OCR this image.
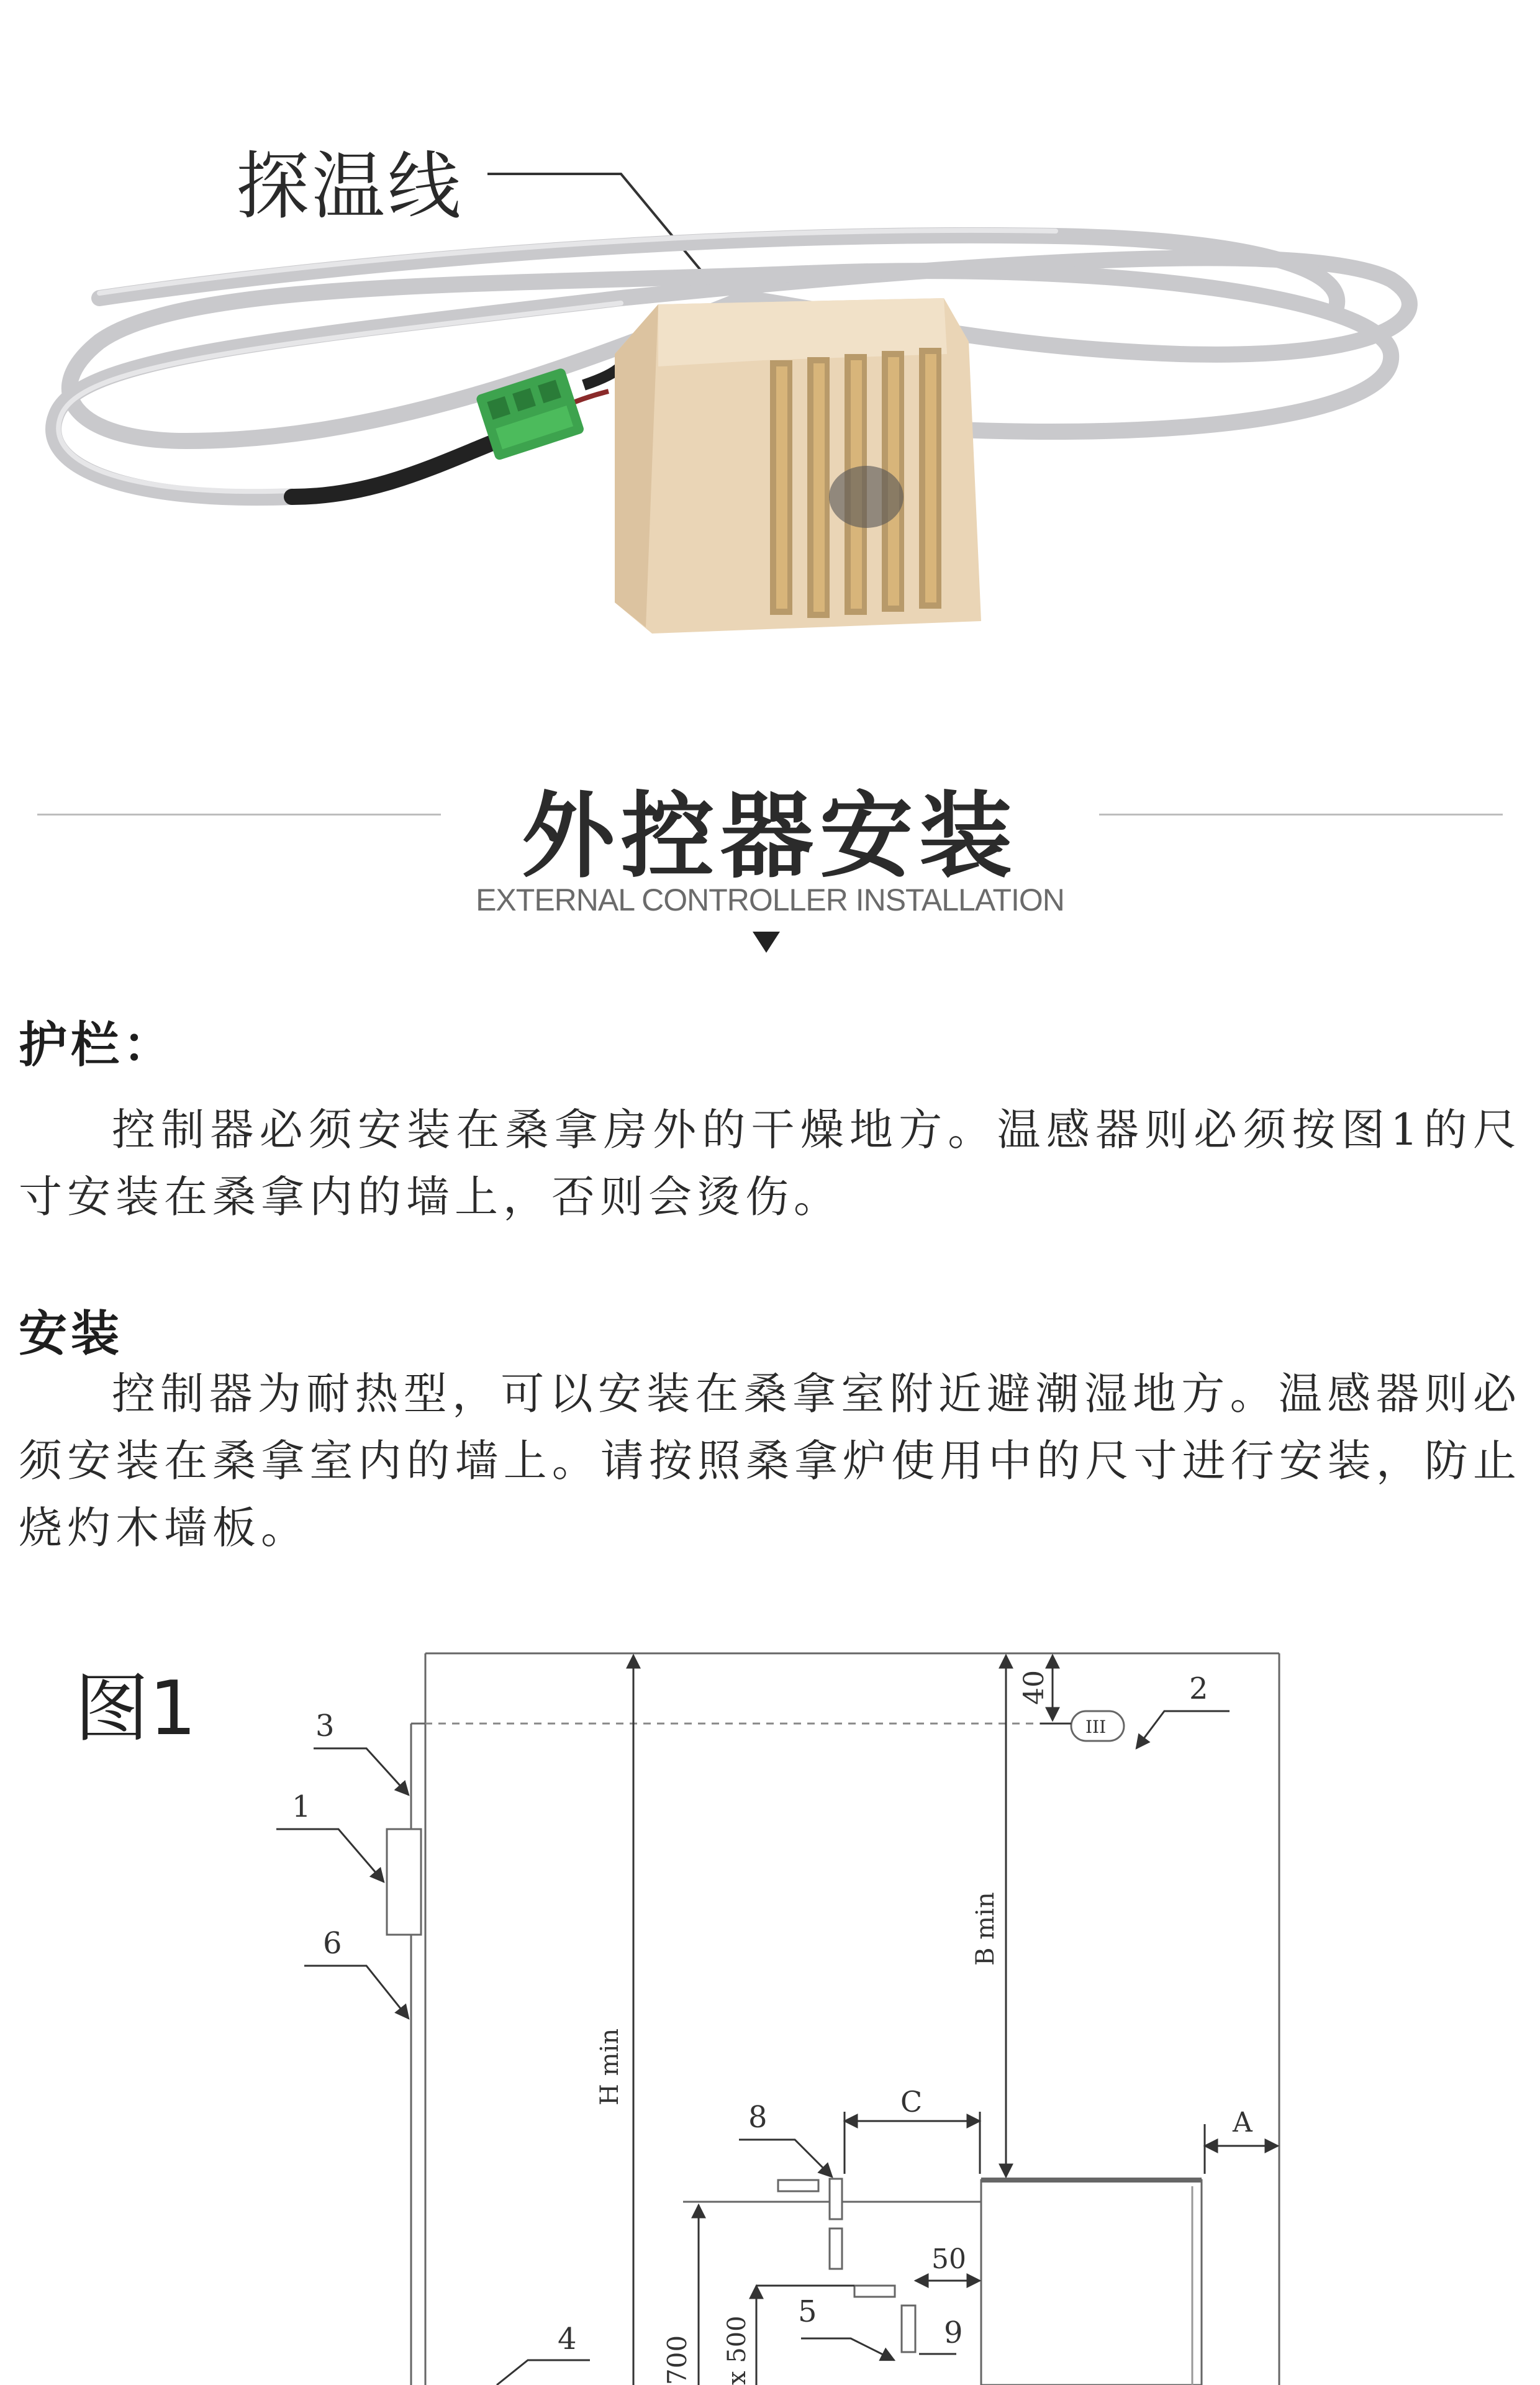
探温线
外控器安装
EXTERNAL CONTROLLER INSTALLATION
护栏：
控制器必须安装在桑拿房外的干燥地方。温感器则必须按图1的尺寸安装在桑拿内的墙上，否则会烫伤。
安装
控制器为耐热型，可以安装在桑拿室附近避潮湿地方。温感器则必须安装在桑拿室内的墙上。请按照桑拿炉使用中的尺寸进行安装，防止烧灼木墙板。
图1	III
H min
B min
40
A
C
50
700 x 500
3
1
6
2
8
5
9
4
